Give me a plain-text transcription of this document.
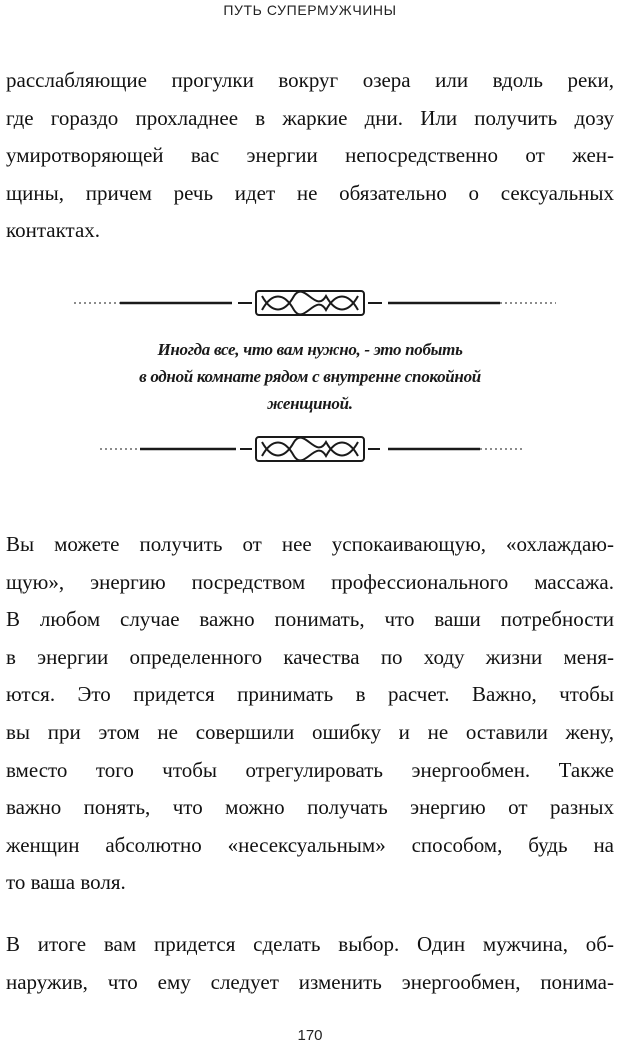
ПУТЬ СУПЕРМУЖЧИНЫ
расслабляющие прогулки вокруг озера или вдоль реки,
где гораздо прохладнее в жаркие дни. Или получить дозу
умиротворяющей вас энергии непосредственно от жен-
щины, причем речь идет не обязательно о сексуальных
контактах.
Иногда все, что вам нужно, - это побыть
в одной комнате рядом с внутренне спокойной
женщиной.
Вы можете получить от нее успокаивающую, «охлаждаю-
щую», энергию посредством профессионального массажа.
В любом случае важно понимать, что ваши потребности
в энергии определенного качества по ходу жизни меня-
ются. Это придется принимать в расчет. Важно, чтобы
вы при этом не совершили ошибку и не оставили жену,
вместо того чтобы отрегулировать энергообмен. Также
важно понять, что можно получать энергию от разных
женщин абсолютно «несексуальным» способом, будь на
то ваша воля.
В итоге вам придется сделать выбор. Один мужчина, об-
наружив, что ему следует изменить энергообмен, понима-
170
